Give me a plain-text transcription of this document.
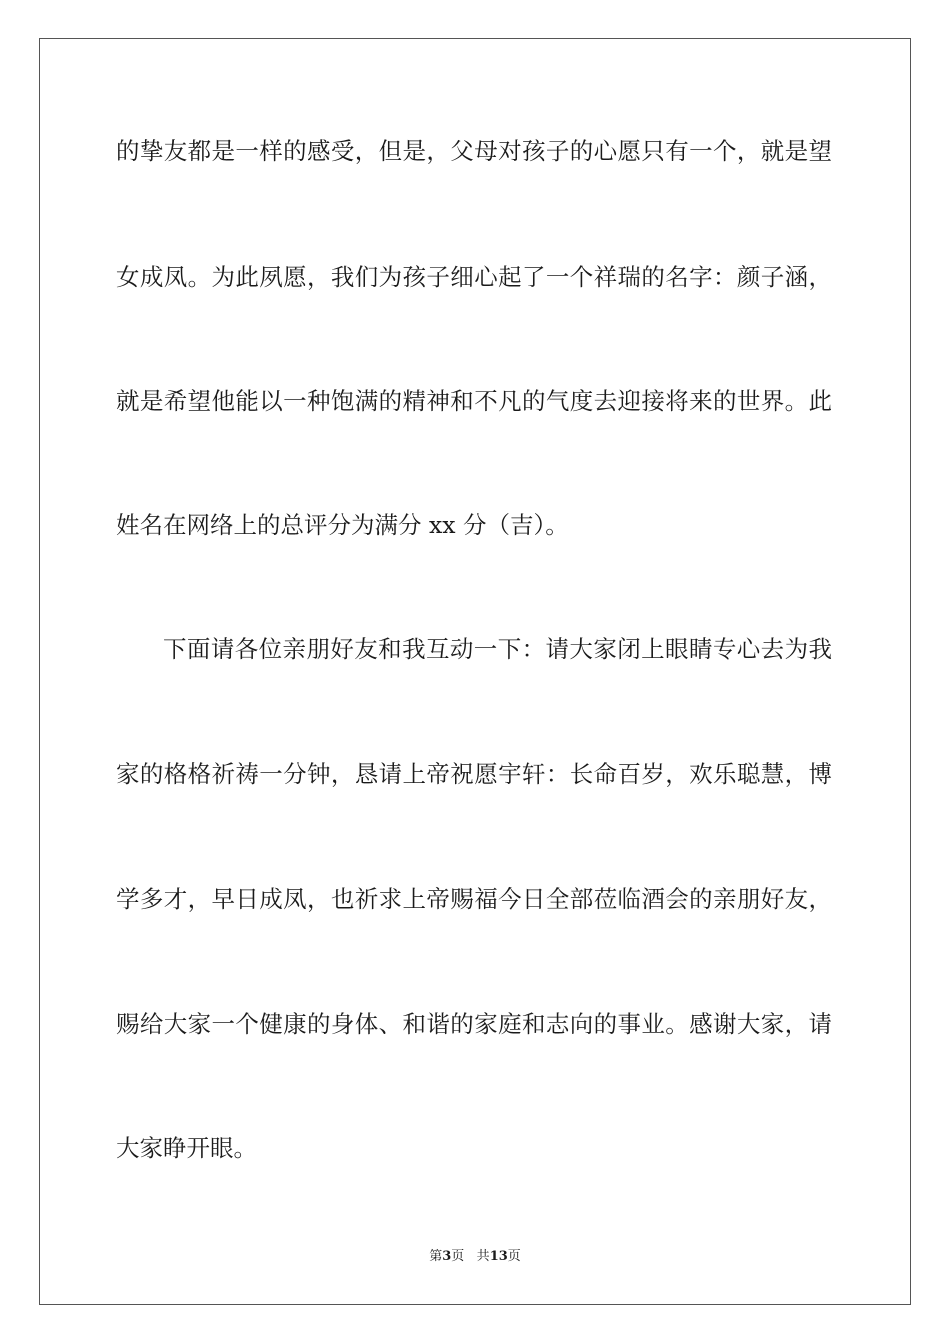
的挚友都是一样的感受，但是，父母对孩子的心愿只有一个，就是望
女成凤。为此夙愿，我们为孩子细心起了一个祥瑞的名字：颜子涵，
就是希望他能以一种饱满的精神和不凡的气度去迎接将来的世界。此
姓名在网络上的总评分为满分 xx 分（吉）。
下面请各位亲朋好友和我互动一下：请大家闭上眼睛专心去为我
家的格格祈祷一分钟，恳请上帝祝愿宇轩：长命百岁，欢乐聪慧，博
学多才，早日成凤，也祈求上帝赐福今日全部莅临酒会的亲朋好友，
赐给大家一个健康的身体、和谐的家庭和志向的事业。感谢大家，请
大家睁开眼。
第3页 共13页
